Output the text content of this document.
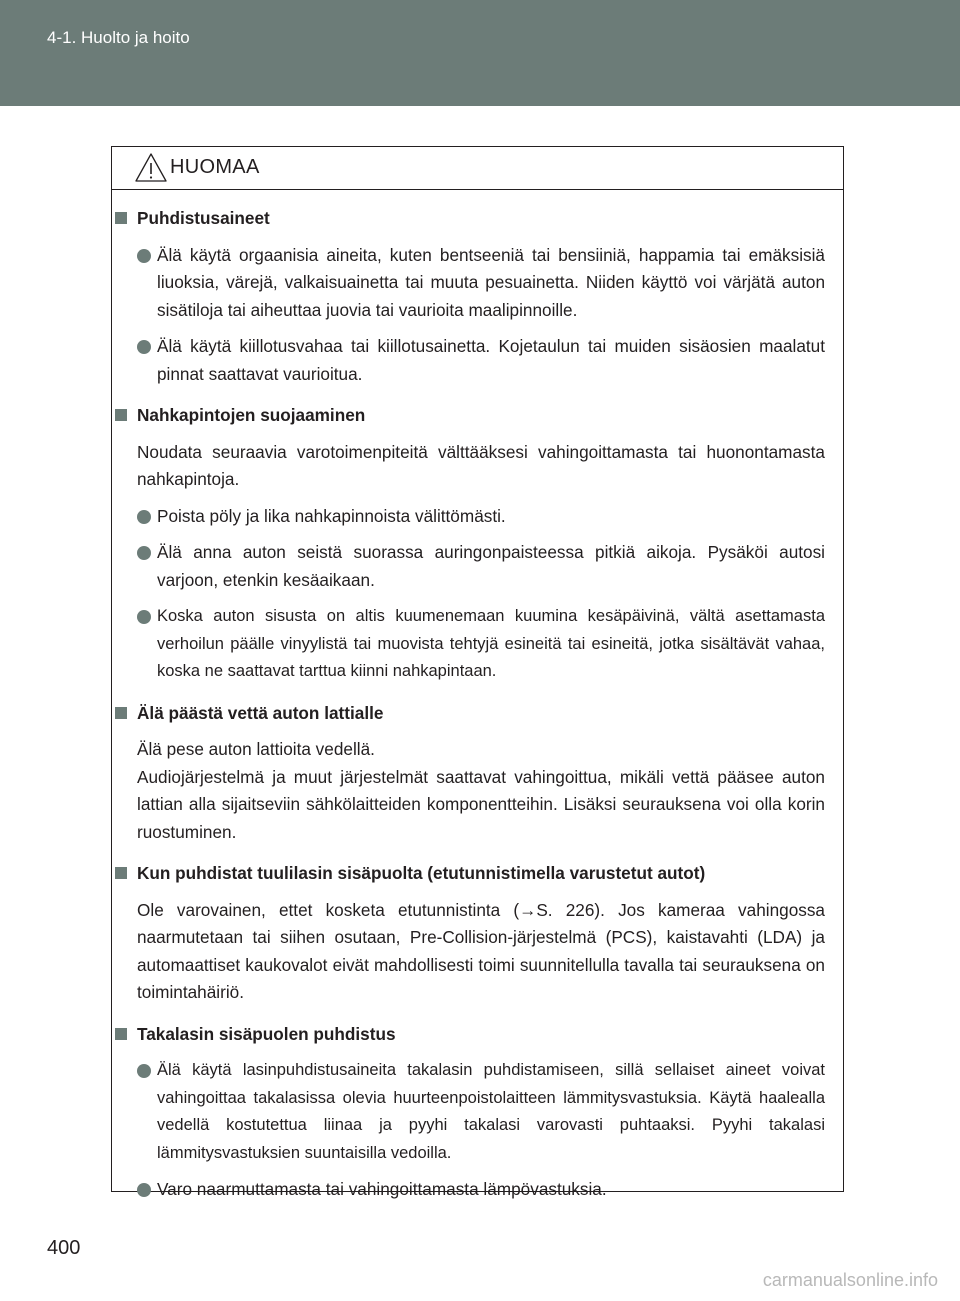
4-1. Huolto ja hoito
HUOMAA

Puhdistusaineet

Älä käytä orgaanisia aineita, kuten bentseeniä tai bensiiniä, happamia tai emäksisiä liuoksia, värejä, valkaisuainetta tai muuta pesuainetta. Niiden käyttö voi värjätä auton sisätiloja tai aiheuttaa juovia tai vaurioita maalipinnoille.
Älä käytä kiillotusvahaa tai kiillotusainetta. Kojetaulun tai muiden sisäosien maalatut pinnat saattavat vaurioitua.

Nahkapintojen suojaaminen

Noudata seuraavia varotoimenpiteitä välttääksesi vahingoittamasta tai huonontamasta nahkapintoja.

Poista pöly ja lika nahkapinnoista välittömästi.
Älä anna auton seistä suorassa auringonpaisteessa pitkiä aikoja. Pysäköi autosi varjoon, etenkin kesäaikaan.
Koska auton sisusta on altis kuumenemaan kuumina kesäpäivinä, vältä asettamasta verhoilun päälle vinyylistä tai muovista tehtyjä esineitä tai esineitä, jotka sisältävät vahaa, koska ne saattavat tarttua kiinni nahkapintaan.

Älä päästä vettä auton lattialle

Älä pese auton lattioita vedellä.
Audiojärjestelmä ja muut järjestelmät saattavat vahingoittua, mikäli vettä pääsee auton lattian alla sijaitseviin sähkölaitteiden komponentteihin. Lisäksi seurauksena voi olla korin ruostuminen.

Kun puhdistat tuulilasin sisäpuolta (etutunnistimella varustetut autot)

Ole varovainen, ettet kosketa etutunnistinta (→S. 226). Jos kameraa vahingossa naarmutetaan tai siihen osutaan, Pre-Collision-järjestelmä (PCS), kaistavahti (LDA) ja automaattiset kaukovalot eivät mahdollisesti toimi suunnitellulla tavalla tai seurauksena on toimintahäiriö.

Takalasin sisäpuolen puhdistus

Älä käytä lasinpuhdistusaineita takalasin puhdistamiseen, sillä sellaiset aineet voivat vahingoittaa takalasissa olevia huurteenpoistolaitteen lämmitysvastuksia. Käytä haalealla vedellä kostutettua liinaa ja pyyhi takalasi varovasti puhtaaksi. Pyyhi takalasi lämmitysvastuksien suuntaisilla vedoilla.
Varo naarmuttamasta tai vahingoittamasta lämpövastuksia.
400
carmanualsonline.info
